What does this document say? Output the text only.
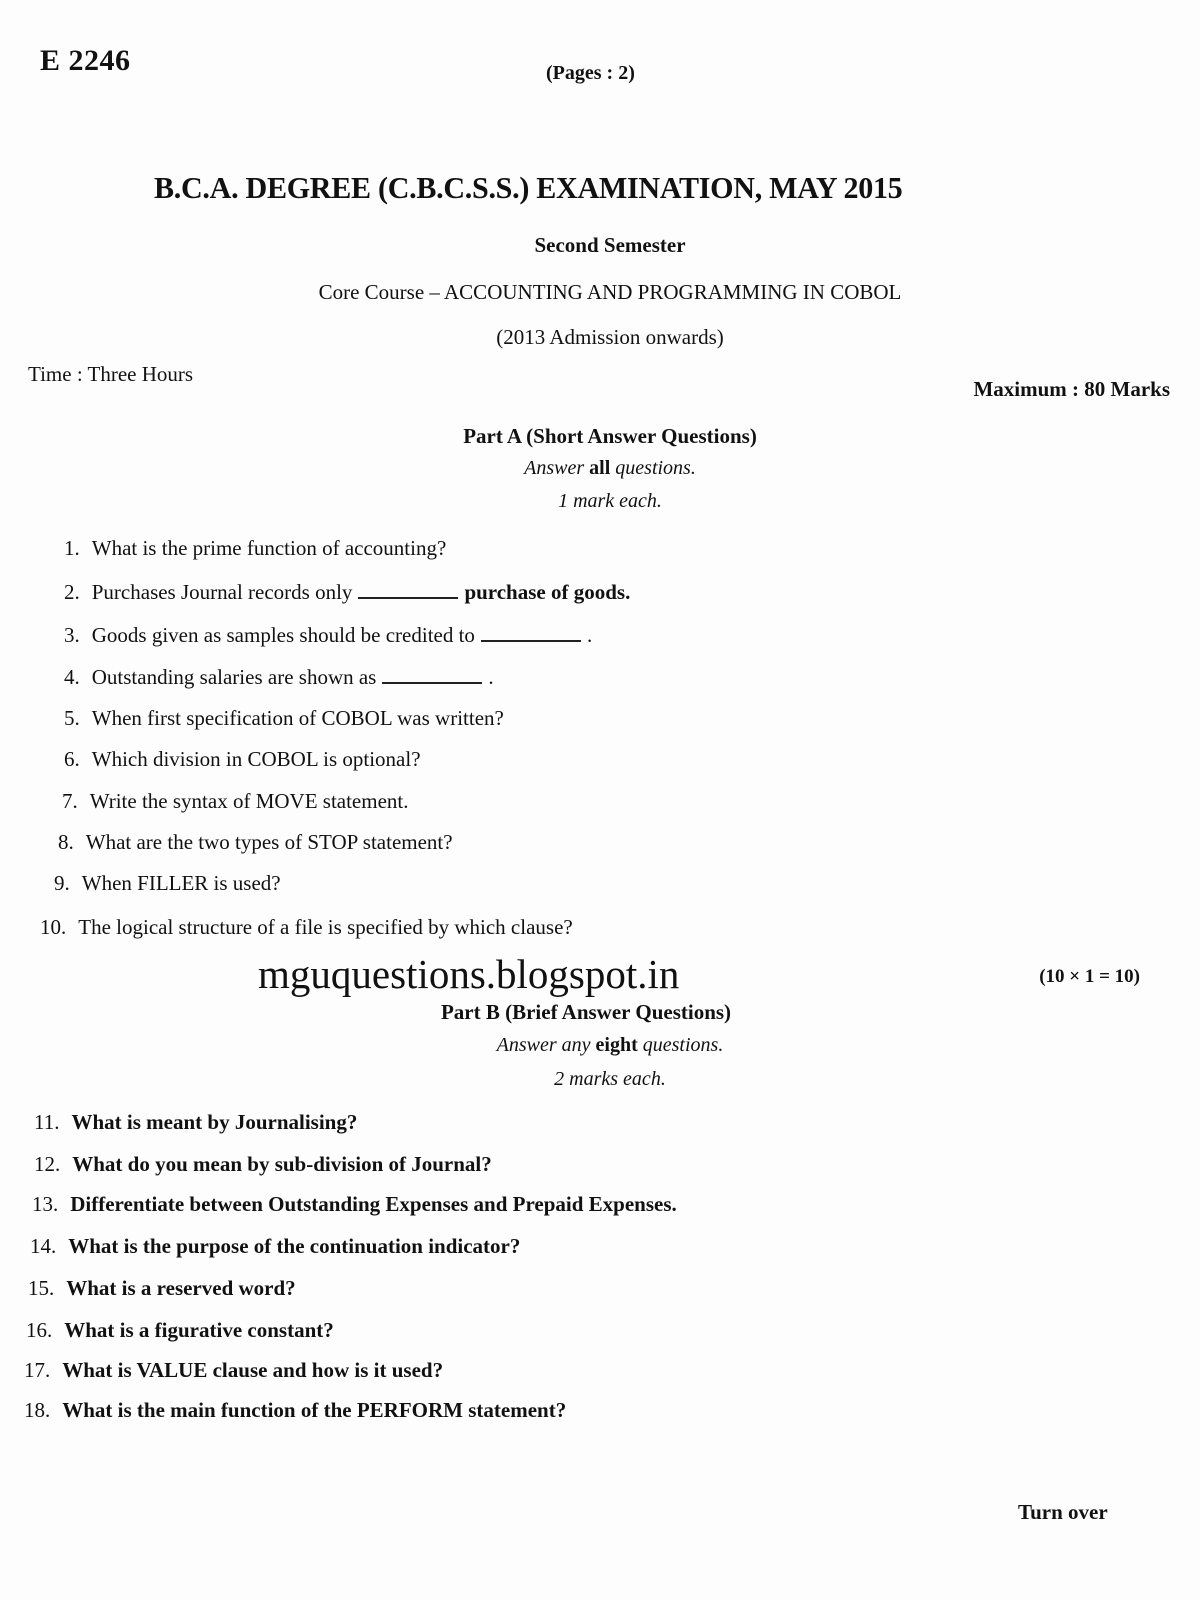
E 2246	(Pages : 2)
B.C.A. DEGREE (C.B.C.S.S.) EXAMINATION, MAY 2015
Second Semester
Core Course – ACCOUNTING AND PROGRAMMING IN COBOL
(2013 Admission onwards)
Time : Three Hours
Maximum : 80 Marks
Part A (Short Answer Questions)
Answer all questions.
1 mark each.
1. What is the prime function of accounting?
2. Purchases Journal records only	purchase of goods.
3. Goods given as samples should be credited to	.
4. Outstanding salaries are shown as	.
5. When first specification of COBOL was written?
6. Which division in COBOL is optional?
7. Write the syntax of MOVE statement.
8. What are the two types of STOP statement?
9. When FILLER is used?
10. The logical structure of a file is specified by which clause?
mguquestions.blogspot.in	(10 × 1 = 10)
Part B (Brief Answer Questions)
Answer any eight questions.
2 marks each.
11. What is meant by Journalising?
12. What do you mean by sub-division of Journal?
13. Differentiate between Outstanding Expenses and Prepaid Expenses.
14. What is the purpose of the continuation indicator?
15. What is a reserved word?
16. What is a figurative constant?
17. What is VALUE clause and how is it used?
18. What is the main function of the PERFORM statement?
Turn over
